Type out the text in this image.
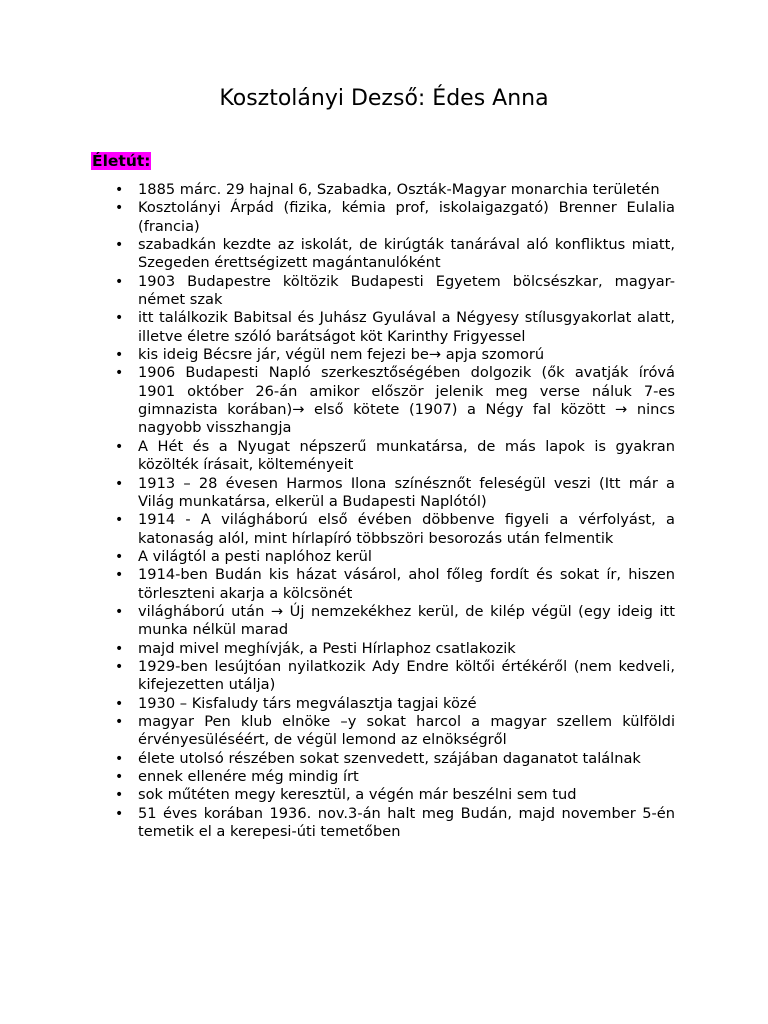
Kosztolányi Dezső: Édes Anna
Életút:
• 1885 márc. 29 hajnal 6, Szabadka, Oszták-Magyar monarchia területén
• Kosztolányi Árpád (fizika, kémia prof, iskolaigazgató) Brenner Eulalia (francia)
• szabadkán kezdte az iskolát, de kirúgták tanárával aló konfliktus miatt, Szegeden érettségizett magántanulóként
• 1903 Budapestre költözik Budapesti Egyetem bölcsészkar, magyar-német szak
• itt találkozik Babitsal és Juhász Gyulával a Négyesy stílusgyakorlat alatt, illetve életre szóló barátságot köt Karinthy Frigyessel
• kis ideig Bécsre jár, végül nem fejezi be→ apja szomorú
• 1906 Budapesti Napló szerkesztőségében dolgozik (ők avatják íróvá 1901 október 26-án amikor először jelenik meg verse náluk 7-es gimnazista korában)→ első kötete (1907) a Négy fal között → nincs nagyobb visszhangja
• A Hét és a Nyugat népszerű munkatársa, de más lapok is gyakran közölték írásait, költeményeit
• 1913 – 28 évesen Harmos Ilona színésznőt feleségül veszi (Itt már a Világ munkatársa, elkerül a Budapesti Naplótól)
• 1914 - A világháború első évében döbbenve figyeli a vérfolyást, a katonaság alól, mint hírlapíró többszöri besorozás után felmentik
• A világtól a pesti naplóhoz kerül
• 1914-ben Budán kis házat vásárol, ahol főleg fordít és sokat ír, hiszen törleszteni akarja a kölcsönét
• világháború után → Új nemzekékhez kerül, de kilép végül (egy ideig itt munka nélkül marad
• majd mivel meghívják, a Pesti Hírlaphoz csatlakozik
• 1929-ben lesújtóan nyilatkozik Ady Endre költői értékéről (nem kedveli, kifejezetten utálja)
• 1930 – Kisfaludy társ megválasztja tagjai közé
• magyar Pen klub elnöke –y sokat harcol a magyar szellem külföldi érvényesüléséért, de végül lemond az elnökségről
• élete utolsó részében sokat szenvedett, szájában daganatot találnak
• ennek ellenére még mindig írt
• sok műtéten megy keresztül, a végén már beszélni sem tud
• 51 éves korában 1936. nov.3-án halt meg Budán, majd november 5-én temetik el a kerepesi-úti temetőben
